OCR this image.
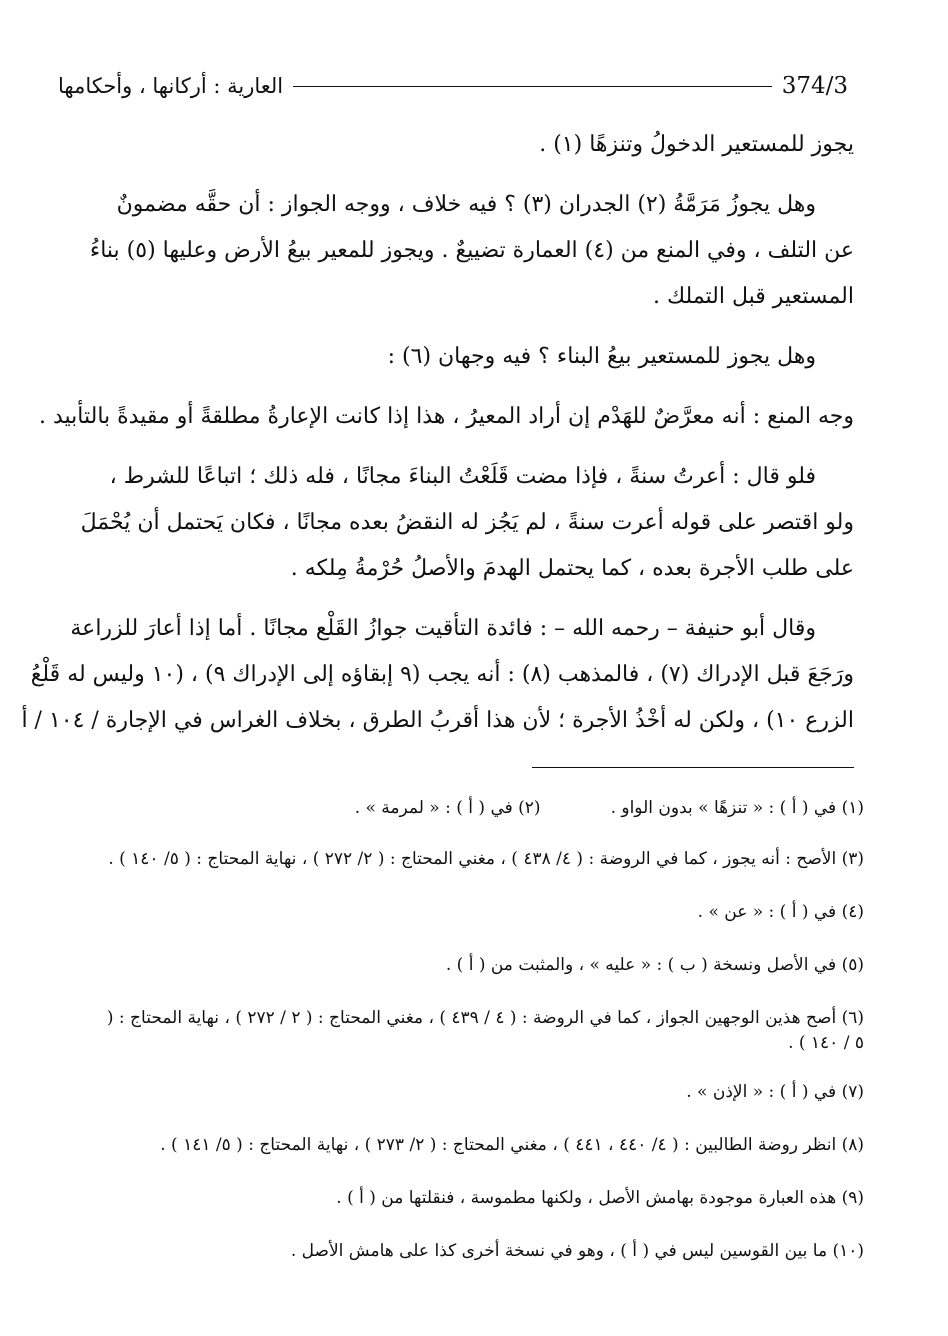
374/3
العارية : أركانها ، وأحكامها
يجوز للمستعير الدخولُ وتنزهًا (١) .
وهل يجوزُ مَرَمَّةُ (٢) الجدران (٣) ؟ فيه خلاف ، ووجه الجواز : أن حقَّه مضمونٌ
عن التلف ، وفي المنع من (٤) العمارة تضييعٌ . ويجوز للمعير بيعُ الأرض وعليها (٥) بناءُ
المستعير قبل التملك .
وهل يجوز للمستعير بيعُ البناء ؟ فيه وجهان (٦) :
وجه المنع : أنه معرَّضٌ للهَدْم إن أراد المعيرُ ، هذا إذا كانت الإعارةُ مطلقةً أو مقيدةً بالتأبيد .
فلو قال : أعرتُ سنةً ، فإذا مضت قَلَعْتُ البناءَ مجانًا ، فله ذلك ؛ اتباعًا للشرط ،
ولو اقتصر على قوله أعرت سنةً ، لم يَجُز له النقضُ بعده مجانًا ، فكان يَحتمل أن يُحْمَلَ
على طلب الأجرة بعده ، كما يحتمل الهدمَ والأصلُ حُرْمةُ مِلكه .
وقال أبو حنيفة – رحمه الله – : فائدة التأقيت جوازُ القَلْع مجانًا . أما إذا أعارَ للزراعة
ورَجَعَ قبل الإدراك (٧) ، فالمذهب (٨) : أنه يجب (٩ إبقاؤه إلى الإدراك ٩) ، (١٠ وليس له قَلْعُ
الزرع ١٠) ، ولكن له أخْذُ الأجرة ؛ لأن هذا أقربُ الطرق ، بخلاف الغراس في الإجارة / ١٠٤ / أ
(١) في ( أ ) : « تنزهًا » بدون الواو .
(٢) في ( أ ) : « لمرمة » .
(٣) الأصح : أنه يجوز ، كما في الروضة : ( ٤/ ٤٣٨ ) ، مغني المحتاج : ( ٢/ ٢٧٢ ) ، نهاية المحتاج : ( ٥/ ١٤٠ ) .
(٤) في ( أ ) : « عن » .
(٥) في الأصل ونسخة ( ب ) : « عليه » ، والمثبت من ( أ ) .
(٦) أصح هذين الوجهين الجواز ، كما في الروضة : ( ٤ / ٤٣٩ ) ، مغني المحتاج : ( ٢ / ٢٧٢ ) ، نهاية المحتاج : ( ٥ / ١٤٠ ) .
(٧) في ( أ ) : « الإذن » .
(٨) انظر روضة الطالبين : ( ٤/ ٤٤٠ ، ٤٤١ ) ، مغني المحتاج : ( ٢/ ٢٧٣ ) ، نهاية المحتاج : ( ٥/ ١٤١ ) .
(٩) هذه العبارة موجودة بهامش الأصل ، ولكنها مطموسة ، فنقلتها من ( أ ) .
(١٠) ما بين القوسين ليس في ( أ ) ، وهو في نسخة أخرى كذا على هامش الأصل .
